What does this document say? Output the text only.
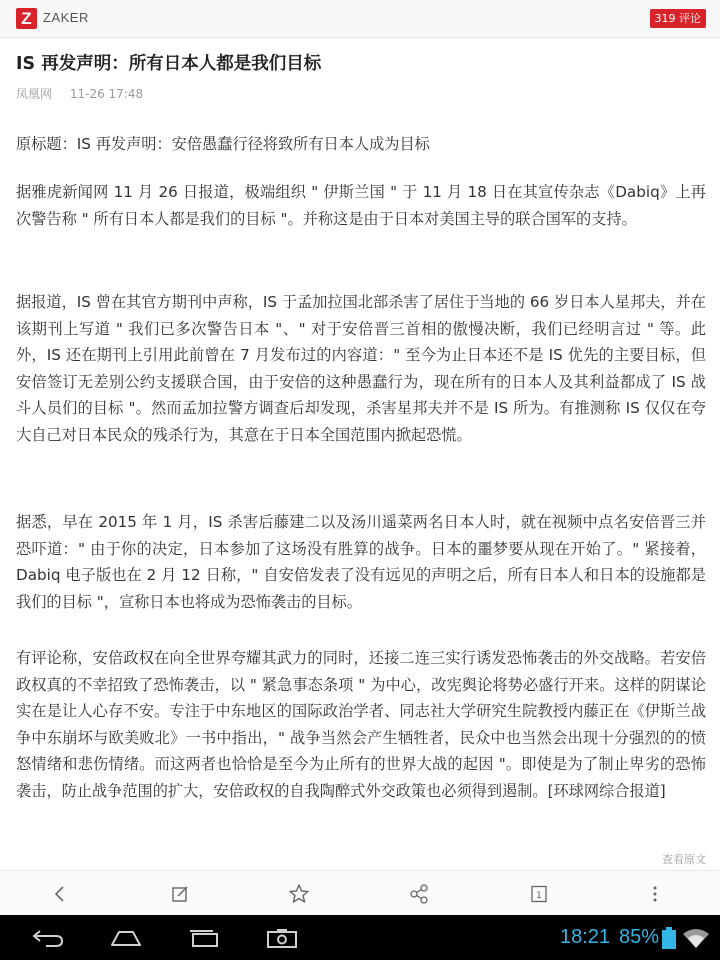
Z ZAKER	319 评论
IS 再发声明：所有日本人都是我们目标
凤凰网 11-26 17:48

原标题：IS 再发声明：安倍愚蠢行径将致所有日本人成为目标

据雅虎新闻网 11 月 26 日报道，极端组织 " 伊斯兰国 " 于 11 月 18 日在其宣传杂志《Dabiq》上再次警告称 " 所有日本人都是我们的目标 "。并称这是由于日本对美国主导的联合国军的支持。

据报道，IS 曾在其官方期刊中声称，IS 于孟加拉国北部杀害了居住于当地的 66 岁日本人星邦夫，并在该期刊上写道 " 我们已多次警告日本 "、" 对于安倍晋三首相的傲慢决断，我们已经明言过 " 等。此外，IS 还在期刊上引用此前曾在 7 月发布过的内容道：" 至今为止日本还不是 IS 优先的主要目标，但安倍签订无差别公约支援联合国，由于安倍的这种愚蠢行为，现在所有的日本人及其利益都成了 IS 战斗人员们的目标 "。然而孟加拉警方调查后却发现，杀害星邦夫并不是 IS 所为。有推测称 IS 仅仅在夸大自己对日本民众的残杀行为，其意在于日本全国范围内掀起恐慌。

据悉，早在 2015 年 1 月，IS 杀害后藤建二以及汤川遥菜两名日本人时，就在视频中点名安倍晋三并恐吓道：" 由于你的决定，日本参加了这场没有胜算的战争。日本的噩梦要从现在开始了。" 紧接着，Dabiq 电子版也在 2 月 12 日称，" 自安倍发表了没有远见的声明之后，所有日本人和日本的设施都是我们的目标 "，宣称日本也将成为恐怖袭击的目标。

有评论称，安倍政权在向全世界夸耀其武力的同时，还接二连三实行诱发恐怖袭击的外交战略。若安倍政权真的不幸招致了恐怖袭击，以 " 紧急事态条项 " 为中心，改宪舆论将势必盛行开来。这样的阴谋论实在是让人心存不安。专注于中东地区的国际政治学者、同志社大学研究生院教授内藤正在《伊斯兰战争中东崩坏与欧美败北》一书中指出，" 战争当然会产生牺牲者，民众中也当然会出现十分强烈的的愤怒情绪和悲伤情绪。而这两者也恰恰是至今为止所有的世界大战的起因 "。即使是为了制止卑劣的恐怖袭击，防止战争范围的扩大，安倍政权的自我陶醉式外交政策也必须得到遏制。[环球网综合报道]

查看原文
1
18:21 85%
